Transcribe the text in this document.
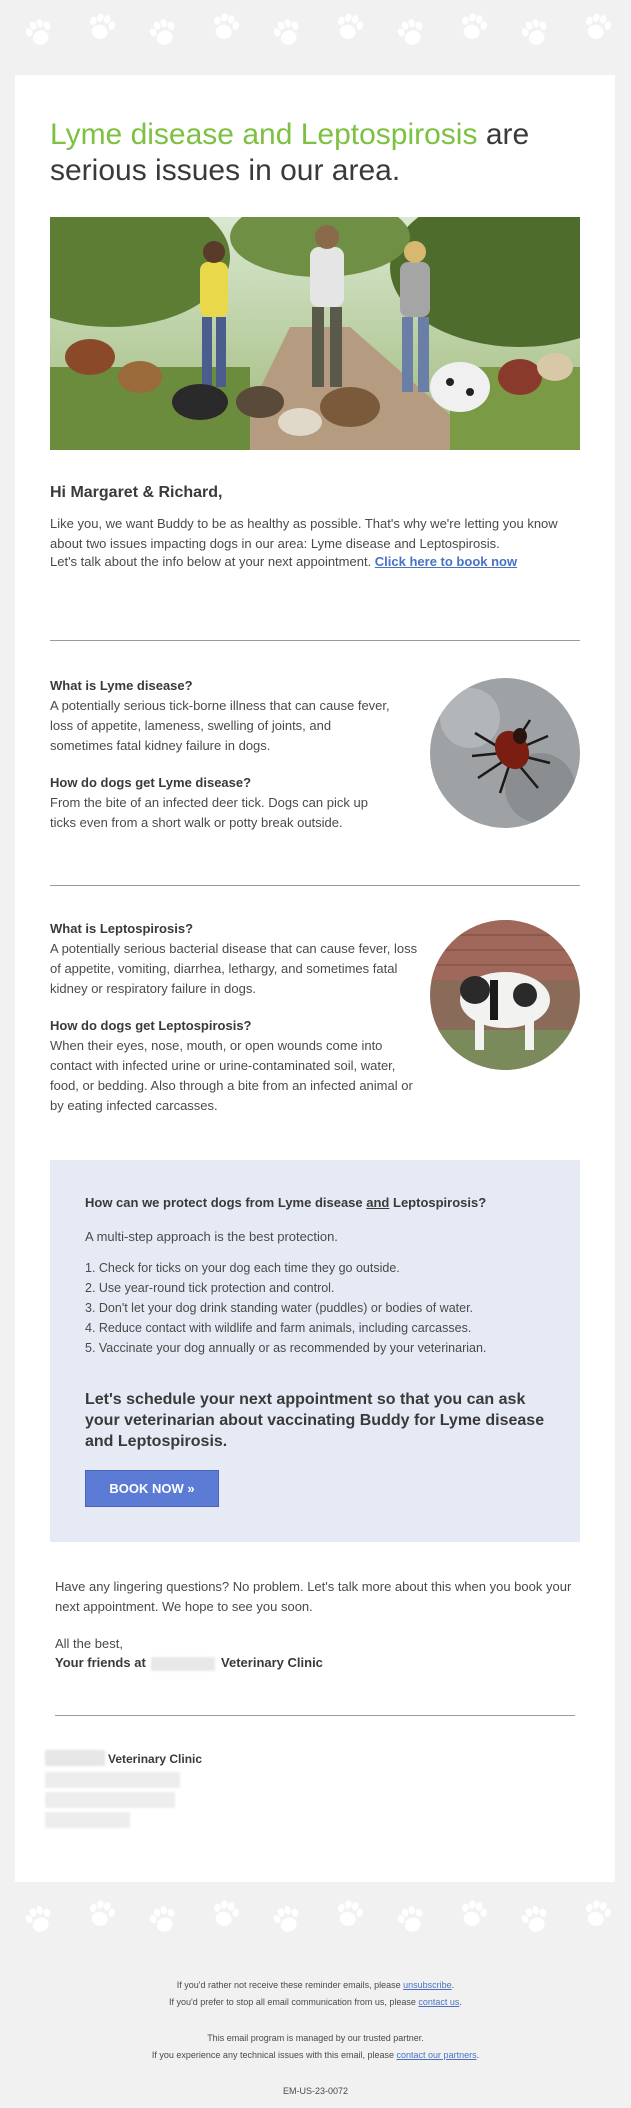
Lyme disease and Leptospirosis are serious issues in our area.
Hi Margaret & Richard,
Like you, we want Buddy to be as healthy as possible. That's why we're letting you know about two issues impacting dogs in our area: Lyme disease and Leptospirosis.
Let's talk about the info below at your next appointment. Click here to book now
What is Lyme disease?
A potentially serious tick-borne illness that can cause fever, loss of appetite, lameness, swelling of joints, and sometimes fatal kidney failure in dogs.
How do dogs get Lyme disease?
From the bite of an infected deer tick. Dogs can pick up ticks even from a short walk or potty break outside.
What is Leptospirosis?
A potentially serious bacterial disease that can cause fever, loss of appetite, vomiting, diarrhea, lethargy, and sometimes fatal kidney or respiratory failure in dogs.
How do dogs get Leptospirosis?
When their eyes, nose, mouth, or open wounds come into contact with infected urine or urine-contaminated soil, water, food, or bedding. Also through a bite from an infected animal or by eating infected carcasses.
How can we protect dogs from Lyme disease and Leptospirosis?
A multi-step approach is the best protection.
1. Check for ticks on your dog each time they go outside.
2. Use year-round tick protection and control.
3. Don't let your dog drink standing water (puddles) or bodies of water.
4. Reduce contact with wildlife and farm animals, including carcasses.
5. Vaccinate your dog annually or as recommended by your veterinarian.
Let's schedule your next appointment so that you can ask your veterinarian about vaccinating Buddy for Lyme disease and Leptospirosis.
BOOK NOW »
Have any lingering questions? No problem. Let's talk more about this when you book your next appointment. We hope to see you soon.
All the best,
Your friends at	Veterinary Clinic
Veterinary Clinic
If you'd rather not receive these reminder emails, please unsubscribe.
If you'd prefer to stop all email communication from us, please contact us.
This email program is managed by our trusted partner.
If you experience any technical issues with this email, please contact our partners.
EM-US-23-0072
